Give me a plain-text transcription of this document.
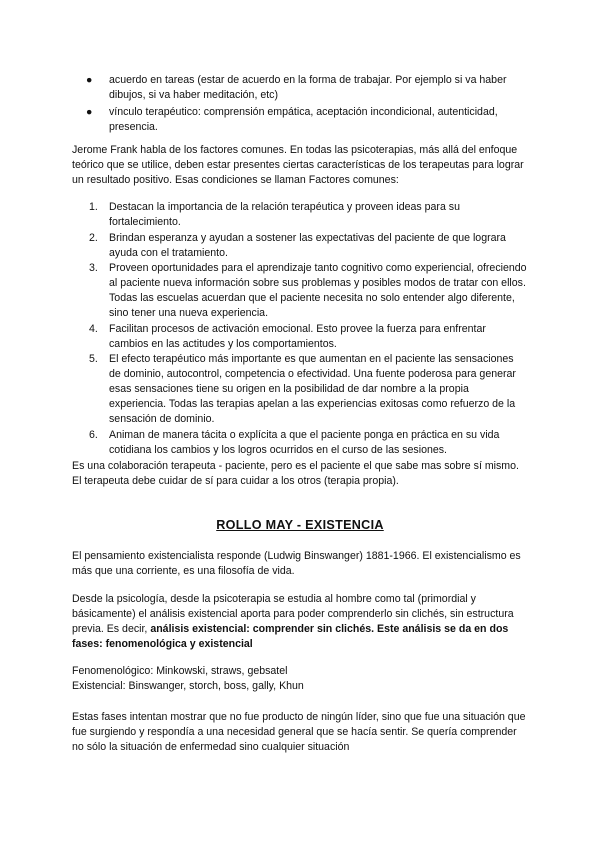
● acuerdo en tareas (estar de acuerdo en la forma de trabajar. Por ejemplo si va haber dibujos, si va haber meditación, etc)
● vínculo terapéutico: comprensión empática, aceptación incondicional, autenticidad, presencia.

Jerome Frank habla de los factores comunes. En todas las psicoterapias, más allá del enfoque teórico que se utilice, deben estar presentes ciertas características de los terapeutas para lograr un resultado positivo. Esas condiciones se llaman Factores comunes:

1. Destacan la importancia de la relación terapéutica y proveen ideas para su fortalecimiento.
2. Brindan esperanza y ayudan a sostener las expectativas del paciente de que lograra ayuda con el tratamiento.
3. Proveen oportunidades para el aprendizaje tanto cognitivo como experiencial, ofreciendo al paciente nueva información sobre sus problemas y posibles modos de tratar con ellos. Todas las escuelas acuerdan que el paciente necesita no solo entender algo diferente, sino tener una nueva experiencia.
4. Facilitan procesos de activación emocional. Esto provee la fuerza para enfrentar cambios en las actitudes y los comportamientos.
5. El efecto terapéutico más importante es que aumentan en el paciente las sensaciones de dominio, autocontrol, competencia o efectividad. Una fuente poderosa para generar esas sensaciones tiene su origen en la posibilidad de dar nombre a la propia experiencia. Todas las terapias apelan a las experiencias exitosas como refuerzo de la sensación de dominio.
6. Animan de manera tácita o explícita a que el paciente ponga en práctica en su vida cotidiana los cambios y los logros ocurridos en el curso de las sesiones.

Es una colaboración terapeuta - paciente, pero es el paciente el que sabe mas sobre sí mismo. El terapeuta debe cuidar de sí para cuidar a los otros (terapia propia).

ROLLO MAY - EXISTENCIA

El pensamiento existencialista responde (Ludwig Binswanger) 1881-1966. El existencialismo es más que una corriente, es una filosofía de vida.

Desde la psicología, desde la psicoterapia se estudia al hombre como tal (primordial y básicamente) el análisis existencial aporta para poder comprenderlo sin clichés, sin estructura previa. Es decir, análisis existencial: comprender sin clichés. Este análisis se da en dos fases: fenomenológica y existencial

Fenomenológico: Minkowski, straws, gebsatel

Existencial: Binswanger, storch, boss, gally, Khun

Estas fases intentan mostrar que no fue producto de ningún líder, sino que fue una situación que fue surgiendo y respondía a una necesidad general que se hacía sentir. Se quería comprender no sólo la situación de enfermedad sino cualquier situación
